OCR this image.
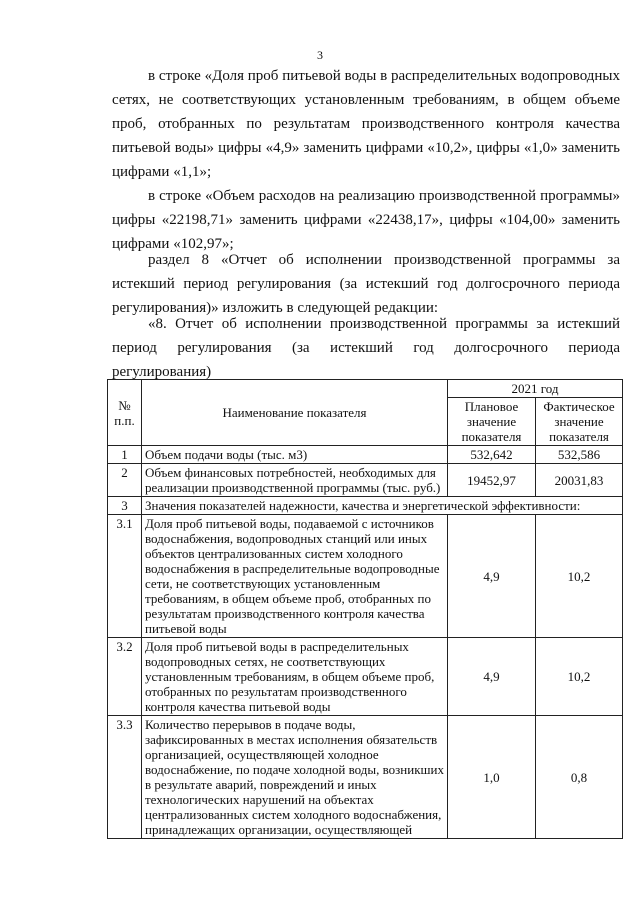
3

в строке «Доля проб питьевой воды в распределительных водопроводных сетях, не соответствующих установленным требованиям, в общем объеме проб, отобранных по результатам производственного контроля качества питьевой воды» цифры «4,9» заменить цифрами «10,2», цифры «1,0» заменить цифрами «1,1»;

в строке «Объем расходов на реализацию производственной программы» цифры «22198,71» заменить цифрами «22438,17», цифры «104,00» заменить цифрами «102,97»;

раздел 8 «Отчет об исполнении производственной программы за истекший период регулирования (за истекший год долгосрочного периода регулирования)» изложить в следующей редакции:

«8. Отчет об исполнении производственной программы за истекший период регулирования (за истекший год долгосрочного периода регулирования)

№ п.п.	Наименование показателя	2021 год	
		Плановое значение показателя	Фактическое значение показателя
1	Объем подачи воды (тыс. м3)	532,642	532,586
2	Объем финансовых потребностей, необходимых для реализации производственной программы (тыс. руб.)	19452,97	20031,83
3	Значения показателей надежности, качества и энергетической эффективности:		
3.1	Доля проб питьевой воды, подаваемой с источников водоснабжения, водопроводных станций или иных объектов централизованных систем холодного водоснабжения в распределительные водопроводные сети, не соответствующих установленным требованиям, в общем объеме проб, отобранных по результатам производственного контроля качества питьевой воды	4,9	10,2
3.2	Доля проб питьевой воды в распределительных водопроводных сетях, не соответствующих установленным требованиям, в общем объеме проб, отобранных по результатам производственного контроля качества питьевой воды	4,9	10,2
3.3	Количество перерывов в подаче воды, зафиксированных в местах исполнения обязательств организацией, осуществляющей холодное водоснабжение, по подаче холодной воды, возникших в результате аварий, повреждений и иных технологических нарушений на объектах централизованных систем холодного водоснабжения, принадлежащих организации, осуществляющей	1,0	0,8
